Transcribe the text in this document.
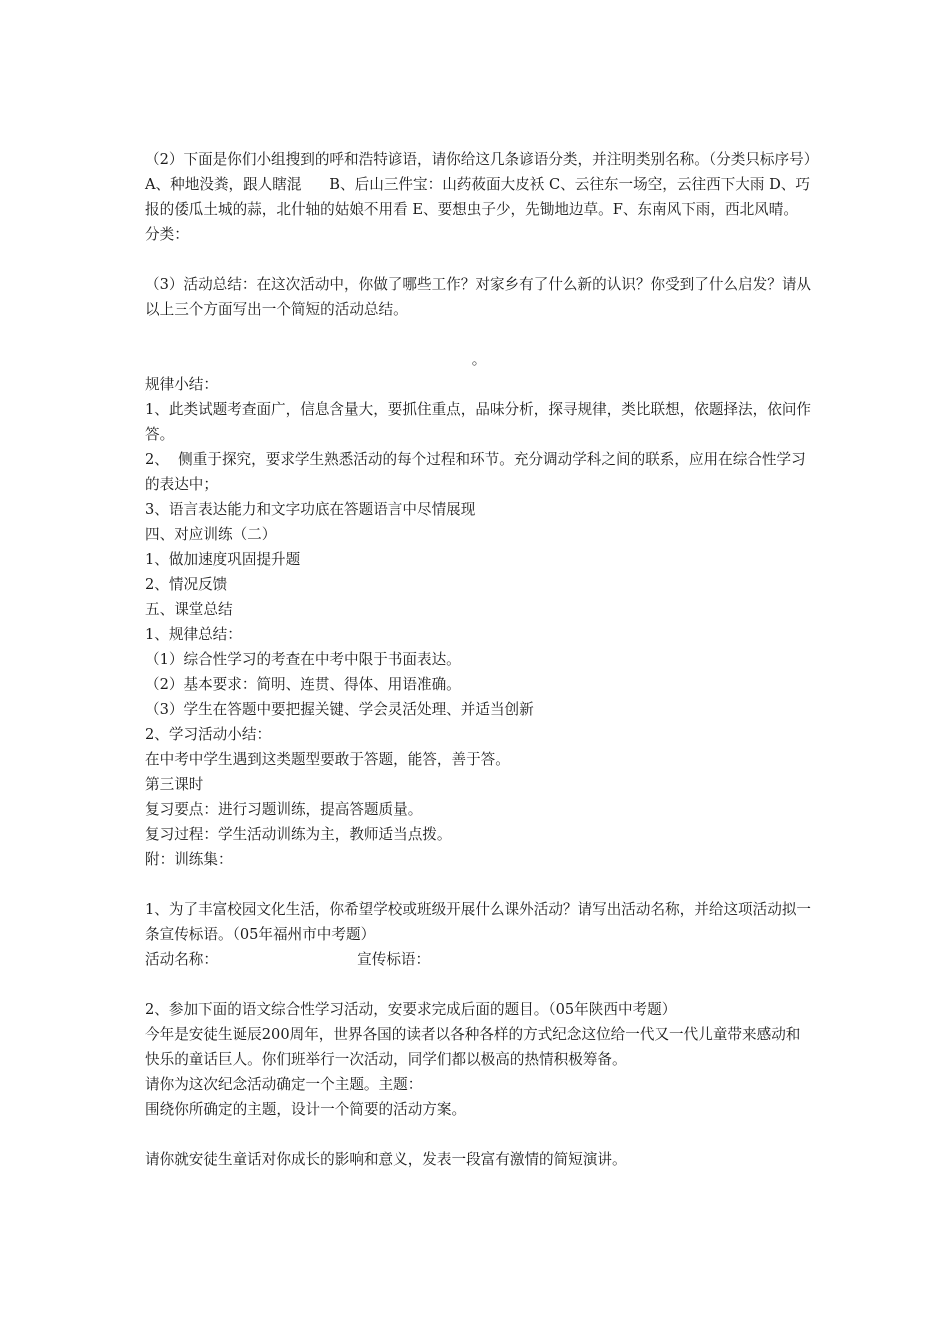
（2）下面是你们小组搜到的呼和浩特谚语，请你给这几条谚语分类，并注明类别名称。（分类只标序号）

A、种地没粪，跟人瞎混      B、后山三件宝：山药莜面大皮袄 C、云往东一场空，云往西下大雨 D、巧报的倭瓜土城的蒜，北什轴的姑娘不用看 E、要想虫子少，先锄地边草。F、东南风下雨，西北风晴。                 分类：

（3）活动总结：在这次活动中，你做了哪些工作？对家乡有了什么新的认识？你受到了什么启发？请从以上三个方面写出一个简短的活动总结。

。

规律小结：

1、此类试题考查面广，信息含量大，要抓住重点，品味分析，探寻规律，类比联想，依题择法，依问作答。

2、  侧重于探究，要求学生熟悉活动的每个过程和环节。充分调动学科之间的联系，应用在综合性学习的表达中；

3、语言表达能力和文字功底在答题语言中尽情展现

四、对应训练（二）

1、做加速度巩固提升题

2、情况反馈

五、课堂总结

1、规律总结：

（1）综合性学习的考查在中考中限于书面表达。

（2）基本要求：简明、连贯、得体、用语准确。

（3）学生在答题中要把握关键、学会灵活处理、并适当创新

2、学习活动小结：

在中考中学生遇到这类题型要敢于答题，能答，善于答。

第三课时

复习要点：进行习题训练，提高答题质量。

复习过程：学生活动训练为主，教师适当点拨。

附：训练集：

1、为了丰富校园文化生活，你希望学校或班级开展什么课外活动？请写出活动名称，并给这项活动拟一条宣传标语。（05年福州市中考题）

活动名称：                              宣传标语：

2、参加下面的语文综合性学习活动，安要求完成后面的题目。（05年陕西中考题）

今年是安徒生诞辰200周年，世界各国的读者以各种各样的方式纪念这位给一代又一代儿童带来感动和快乐的童话巨人。你们班举行一次活动，同学们都以极高的热情积极筹备。

请你为这次纪念活动确定一个主题。主题：

围绕你所确定的主题，设计一个简要的活动方案。

请你就安徒生童话对你成长的影响和意义，发表一段富有激情的简短演讲。
